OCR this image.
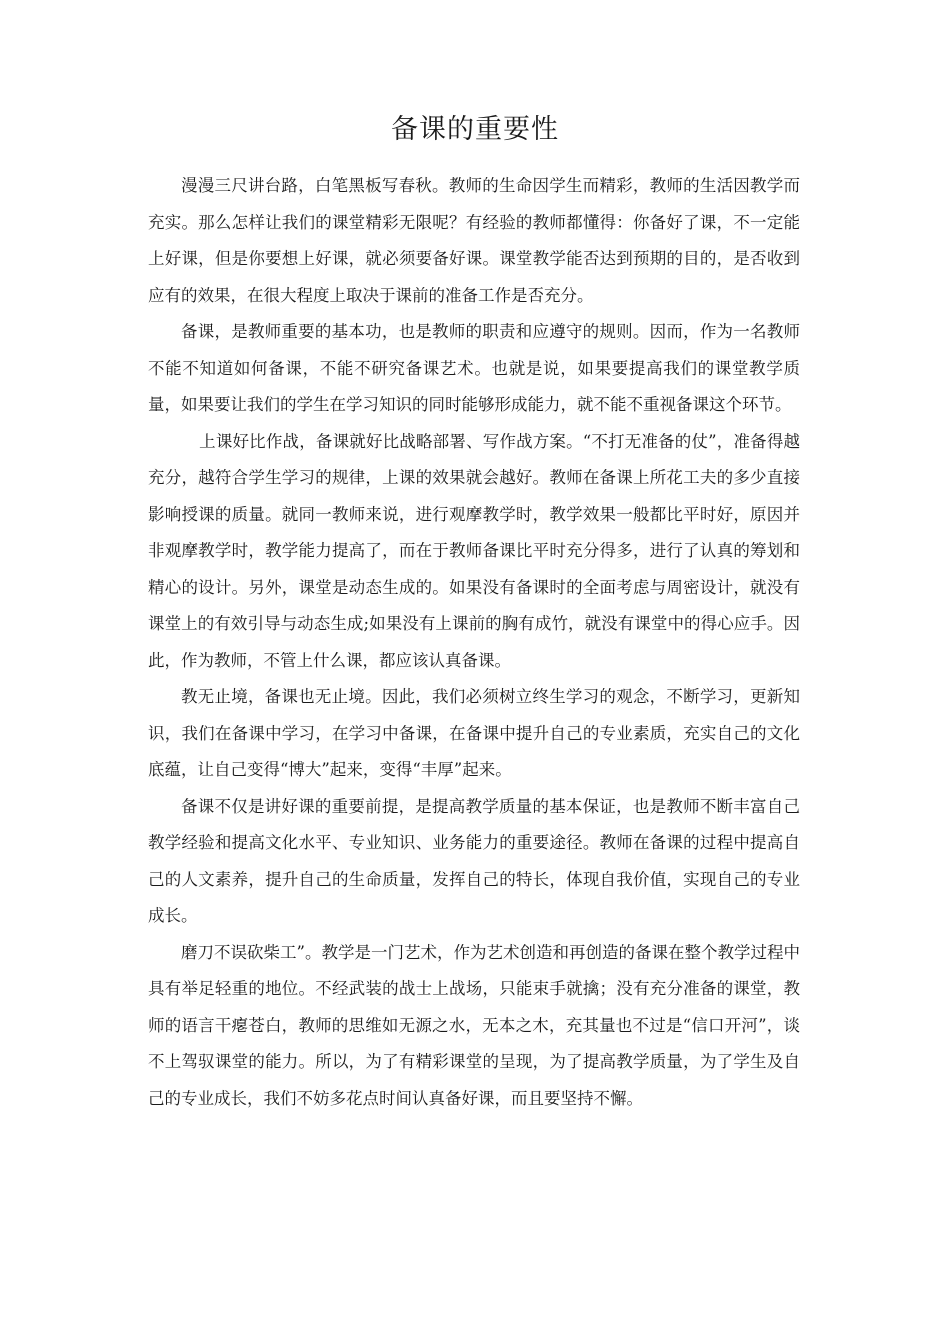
备课的重要性

漫漫三尺讲台路，白笔黑板写春秋。教师的生命因学生而精彩，教师的生活因教学而充实。那么怎样让我们的课堂精彩无限呢？有经验的教师都懂得：你备好了课，不一定能上好课，但是你要想上好课，就必须要备好课。课堂教学能否达到预期的目的，是否收到应有的效果，在很大程度上取决于课前的准备工作是否充分。

备课，是教师重要的基本功，也是教师的职责和应遵守的规则。因而，作为一名教师不能不知道如何备课，不能不研究备课艺术。也就是说，如果要提高我们的课堂教学质量，如果要让我们的学生在学习知识的同时能够形成能力，就不能不重视备课这个环节。

上课好比作战，备课就好比战略部署、写作战方案。“不打无准备的仗”，准备得越充分，越符合学生学习的规律，上课的效果就会越好。教师在备课上所花工夫的多少直接影响授课的质量。就同一教师来说，进行观摩教学时，教学效果一般都比平时好，原因并非观摩教学时，教学能力提高了，而在于教师备课比平时充分得多，进行了认真的筹划和精心的设计。另外，课堂是动态生成的。如果没有备课时的全面考虑与周密设计，就没有课堂上的有效引导与动态生成;如果没有上课前的胸有成竹，就没有课堂中的得心应手。因此，作为教师，不管上什么课，都应该认真备课。

教无止境，备课也无止境。因此，我们必须树立终生学习的观念，不断学习，更新知识，我们在备课中学习，在学习中备课，在备课中提升自己的专业素质，充实自己的文化底蕴，让自己变得“博大”起来，变得“丰厚”起来。

备课不仅是讲好课的重要前提，是提高教学质量的基本保证，也是教师不断丰富自己教学经验和提高文化水平、专业知识、业务能力的重要途径。教师在备课的过程中提高自己的人文素养，提升自己的生命质量，发挥自己的特长，体现自我价值，实现自己的专业成长。

磨刀不误砍柴工”。教学是一门艺术，作为艺术创造和再创造的备课在整个教学过程中具有举足轻重的地位。不经武装的战士上战场，只能束手就擒；没有充分准备的课堂，教师的语言干瘪苍白，教师的思维如无源之水，无本之木，充其量也不过是“信口开河”，谈不上驾驭课堂的能力。所以，为了有精彩课堂的呈现，为了提高教学质量，为了学生及自己的专业成长，我们不妨多花点时间认真备好课，而且要坚持不懈。
